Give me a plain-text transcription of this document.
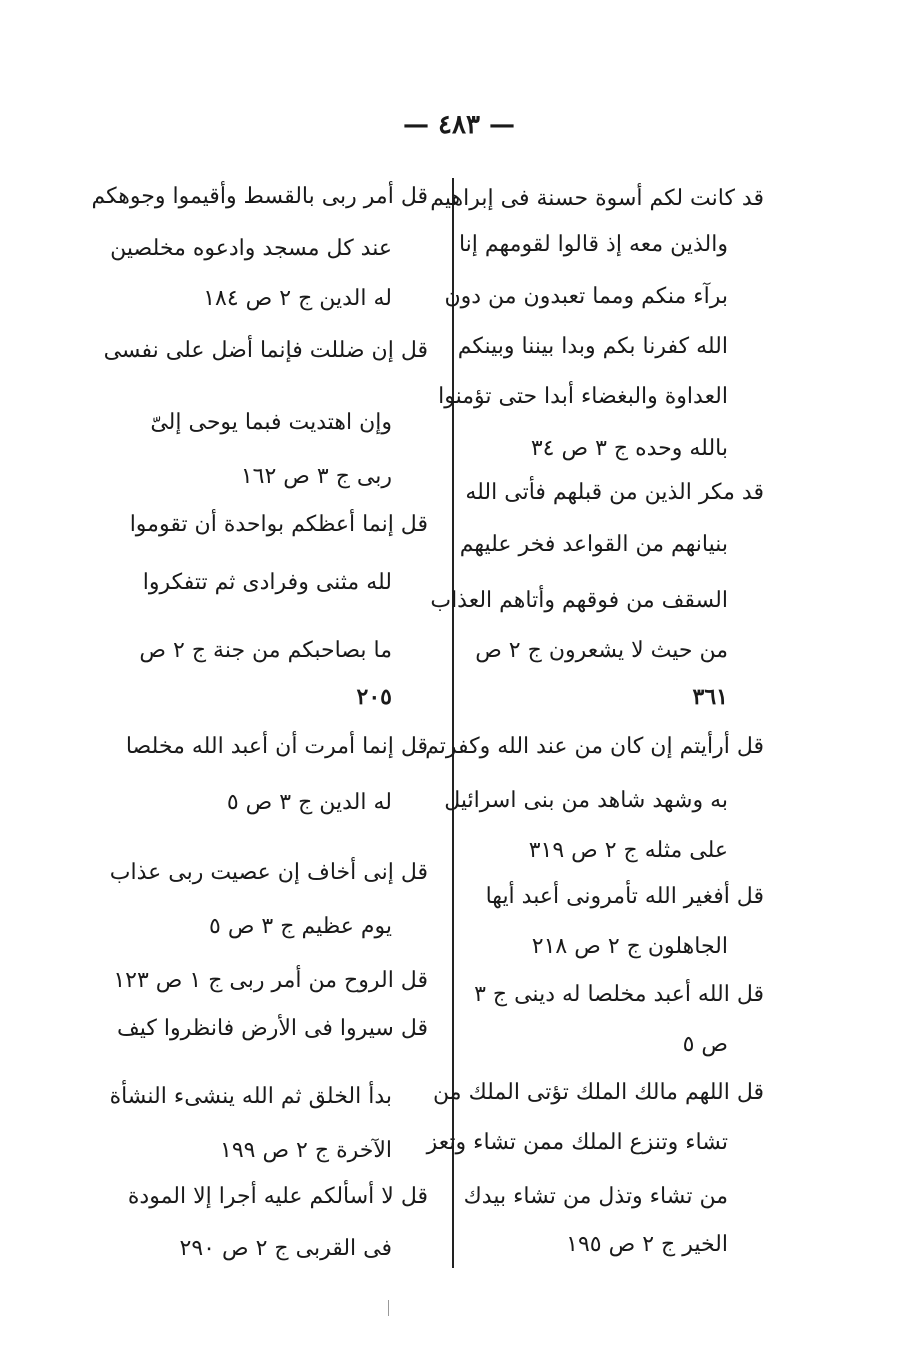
— ٤٨٣ —
قد كانت لكم أسوة حسنة فى إبراهيم
والذين معه إذ قالوا لقومهم إنا
برآء منكم ومما تعبدون من دون
الله كفرنا بكم وبدا بيننا وبينكم
العداوة والبغضاء أبدا حتى تؤمنوا
بالله وحده ج ٣ ص ٣٤
قد مكر الذين من قبلهم فأتى الله
بنيانهم من القواعد فخر عليهم
السقف من فوقهم وأتاهم العذاب
من حيث لا يشعرون ج ٢ ص
٣٦١
قل أرأيتم إن كان من عند الله وكفرتم
به وشهد شاهد من بنى اسرائيل
على مثله ج ٢ ص ٣١٩
قل أفغير الله تأمرونى أعبد أيها
الجاهلون ج ٢ ص ٢١٨
قل الله أعبد مخلصا له دينى ج ٣
ص ٥
قل اللهم مالك الملك تؤتى الملك من
تشاء وتنزع الملك ممن تشاء وتعز
من تشاء وتذل من تشاء بيدك
الخير ج ٢ ص ١٩٥
قل أمر ربى بالقسط وأقيموا وجوهكم
عند كل مسجد وادعوه مخلصين
له الدين ج ٢ ص ١٨٤
قل إن ضللت فإنما أضل على نفسى
وإن اهتديت فبما يوحى إلىّ
ربى ج ٣ ص ١٦٢
قل إنما أعظكم بواحدة أن تقوموا
لله مثنى وفرادى ثم تتفكروا
ما بصاحبكم من جنة ج ٢ ص
٢٠٥
قل إنما أمرت أن أعبد الله مخلصا
له الدين ج ٣ ص ٥
قل إنى أخاف إن عصيت ربى عذاب
يوم عظيم ج ٣ ص ٥
قل الروح من أمر ربى ج ١ ص ١٢٣
قل سيروا فى الأرض فانظروا كيف
بدأ الخلق ثم الله ينشىء النشأة
الآخرة ج ٢ ص ١٩٩
قل لا أسألكم عليه أجرا إلا المودة
فى القربى ج ٢ ص ٢٩٠
